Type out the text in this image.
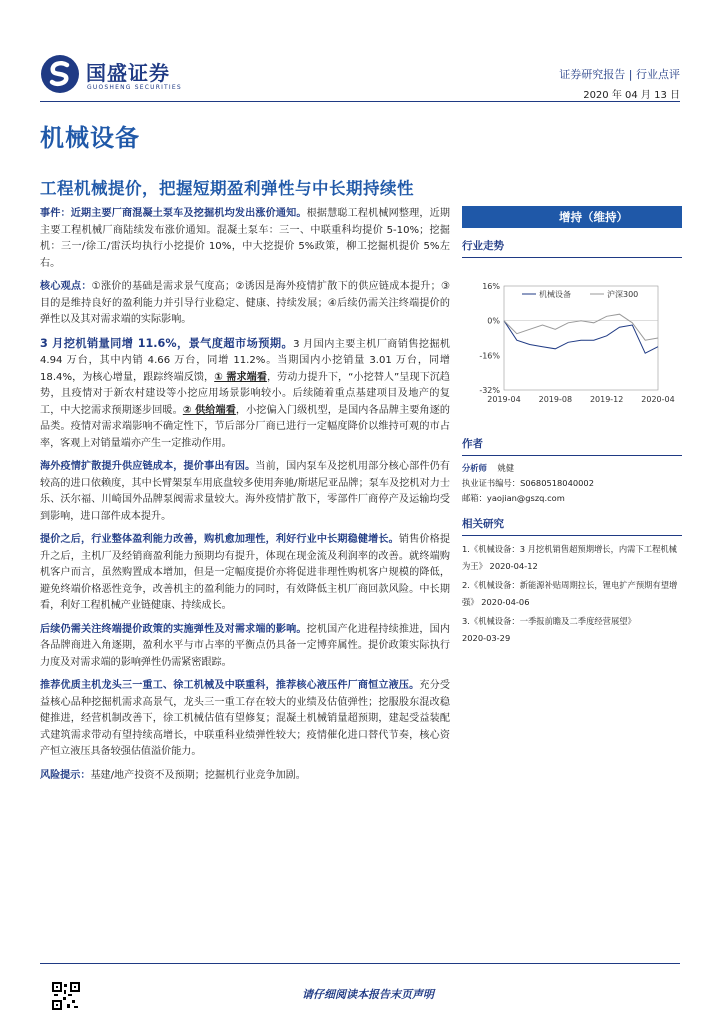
国盛证券
GUOSHENG SECURITIES
证券研究报告 | 行业点评
2020 年 04 月 13 日
机械设备
工程机械提价，把握短期盈利弹性与中长期持续性

事件：近期主要厂商混凝土泵车及挖掘机均发出涨价通知。根据慧聪工程机械网整理，近期主要工程机械厂商陆续发布涨价通知。混凝土泵车：三一、中联重科均提价 5-10%；挖掘机：三一/徐工/雷沃均执行小挖提价 10%，中大挖提价 5%政策，柳工挖掘机提价 5%左右。

核心观点：①涨价的基础是需求景气度高；②诱因是海外疫情扩散下的供应链成本提升；③目的是维持良好的盈利能力并引导行业稳定、健康、持续发展；④后续仍需关注终端提价的弹性以及其对需求端的实际影响。

3 月挖机销量同增 11.6%，景气度超市场预期。3 月国内主要主机厂商销售挖掘机 4.94 万台，其中内销 4.66 万台，同增 11.2%。当期国内小挖销量 3.01 万台，同增 18.4%，为核心增量，跟踪终端反馈，① 需求端看，劳动力提升下，“小挖替人”呈现下沉趋势，且疫情对于新农村建设等小挖应用场景影响较小。后续随着重点基建项目及地产的复工，中大挖需求预期逐步回暖。② 供给端看，小挖偏入门级机型，是国内各品牌主要角逐的品类。疫情对需求端影响不确定性下，节后部分厂商已进行一定幅度降价以维持可观的市占率，客观上对销量端亦产生一定推动作用。

海外疫情扩散提升供应链成本，提价事出有因。当前，国内泵车及挖机用部分核心部件仍有较高的进口依赖度，其中长臂架泵车用底盘较多使用奔驰/斯堪尼亚品牌；泵车及挖机对力士乐、沃尔福、川崎国外品牌泵阀需求量较大。海外疫情扩散下，零部件厂商停产及运输均受到影响，进口部件成本提升。

提价之后，行业整体盈利能力改善，购机愈加理性，利好行业中长期稳健增长。销售价格提升之后，主机厂及经销商盈利能力预期均有提升，体现在现金流及利润率的改善。就终端购机客户而言，虽然购置成本增加，但是一定幅度提价亦将促进非理性购机客户规模的降低，避免终端价格恶性竞争，改善机主的盈利能力的同时，有效降低主机厂商回款风险。中长期看，利好工程机械产业链健康、持续成长。

后续仍需关注终端提价政策的实施弹性及对需求端的影响。挖机国产化进程持续推进，国内各品牌商进入角逐期，盈利水平与市占率的平衡点仍具备一定博弈属性。提价政策实际执行力度及对需求端的影响弹性仍需紧密跟踪。

推荐优质主机龙头三一重工、徐工机械及中联重科，推荐核心液压件厂商恒立液压。充分受益核心品种挖掘机需求高景气，龙头三一重工存在较大的业绩及估值弹性；挖服股东混改稳健推进，经营机制改善下，徐工机械估值有望修复；混凝土机械销量超预期，建起受益装配式建筑需求带动有望持续高增长，中联重科业绩弹性较大；疫情催化进口替代节奏，核心资产恒立液压具备较强估值溢价能力。

风险提示：基建/地产投资不及预期；挖掘机行业竞争加剧。

增持（维持）
行业走势
16%
0%
-16%
-32%
2019-04 2019-08 2019-12 2020-04
机械设备	沪深300
作者
分析师 姚健
执业证书编号：S0680518040002
邮箱：yaojian@gszq.com
相关研究
1.《机械设备：3 月挖机销售超预期增长，内需下工程机械为王》 2020-04-12
2.《机械设备：新能源补贴周期拉长，锂电扩产预期有望增强》 2020-04-06
3.《机械设备：一季报前瞻及二季度经营展望》
2020-03-29
请仔细阅读本报告末页声明
